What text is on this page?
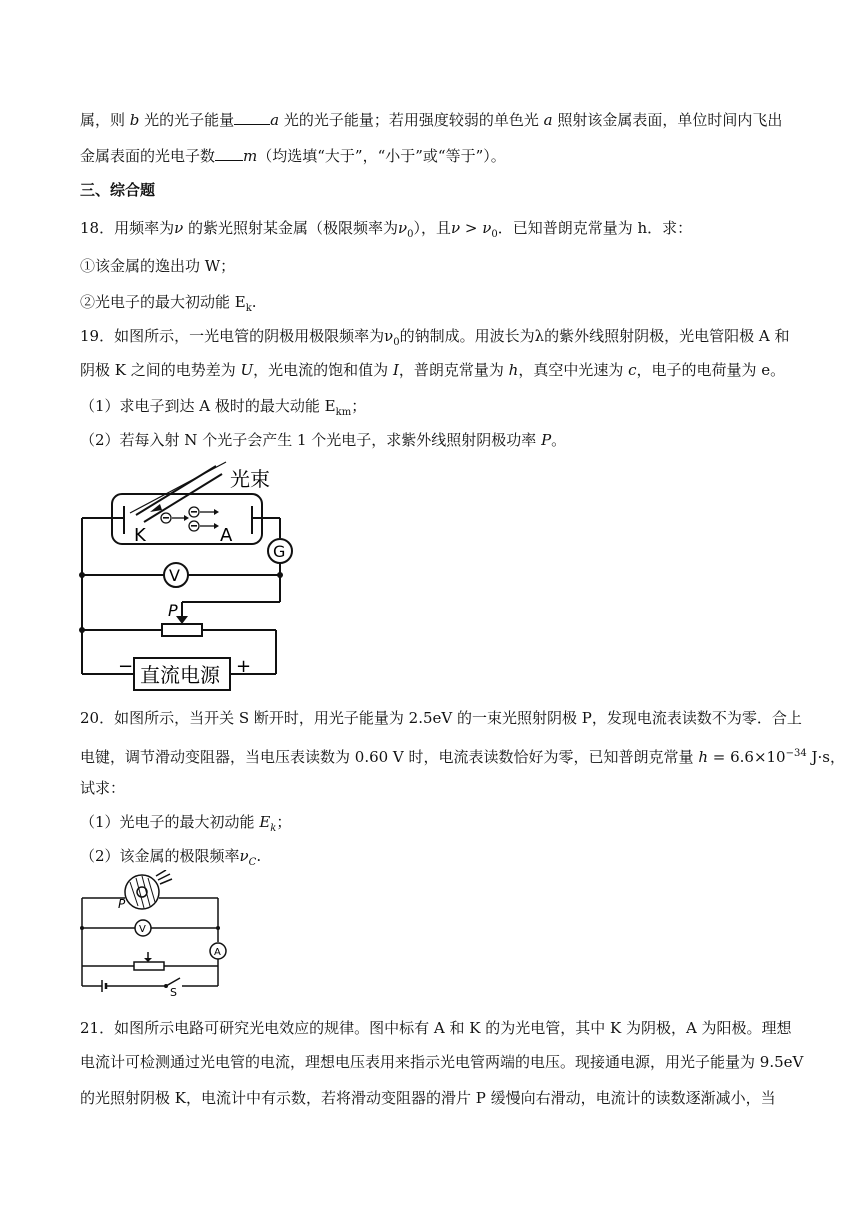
属，则 b 光的光子能量 a 光的光子能量；若用强度较弱的单色光 a 照射该金属表面，单位时间内飞出
金属表面的光电子数 m（均选填“大于”，“小于”或“等于”）。
三、综合题
18．用频率为ν 的紫光照射某金属（极限频率为$\nu_0$），且$\nu > \nu_0$．已知普朗克常量为 h．求：
①该金属的逸出功 W；
②光电子的最大初动能 $E_k$.
19．如图所示，一光电管的阴极用极限频率为$\nu_0$的钠制成。用波长为λ的紫外线照射阴极，光电管阳极 A 和
阴极 K 之间的电势差为 U，光电流的饱和值为 I，普朗克常量为 h，真空中光速为 c，电子的电荷量为 e。
（1）求电子到达 A 极时的最大动能 $E_{km}$；
（2）若每入射 N 个光子会产生 1 个光电子，求紫外线照射阴极功率 P。
光束
K	A
G
V
P
−	+
直流电源
20．如图所示，当开关 S 断开时，用光子能量为 2.5eV 的一束光照射阴极 P，发现电流表读数不为零．合上
电键，调节滑动变阻器，当电压表读数为 0.60 V 时，电流表读数恰好为零，已知普朗克常量 $h = 6.6\times 10^{-34}$ J·s，
试求：
（1）光电子的最大初动能 $E_k$；
（2）该金属的极限频率$\nu_C$.
P
V
A
S
21．如图所示电路可研究光电效应的规律。图中标有 A 和 K 的为光电管，其中 K 为阴极，A 为阳极。理想
电流计可检测通过光电管的电流，理想电压表用来指示光电管两端的电压。现接通电源，用光子能量为 9.5eV
的光照射阴极 K，电流计中有示数，若将滑动变阻器的滑片 P 缓慢向右滑动，电流计的读数逐渐减小，当
